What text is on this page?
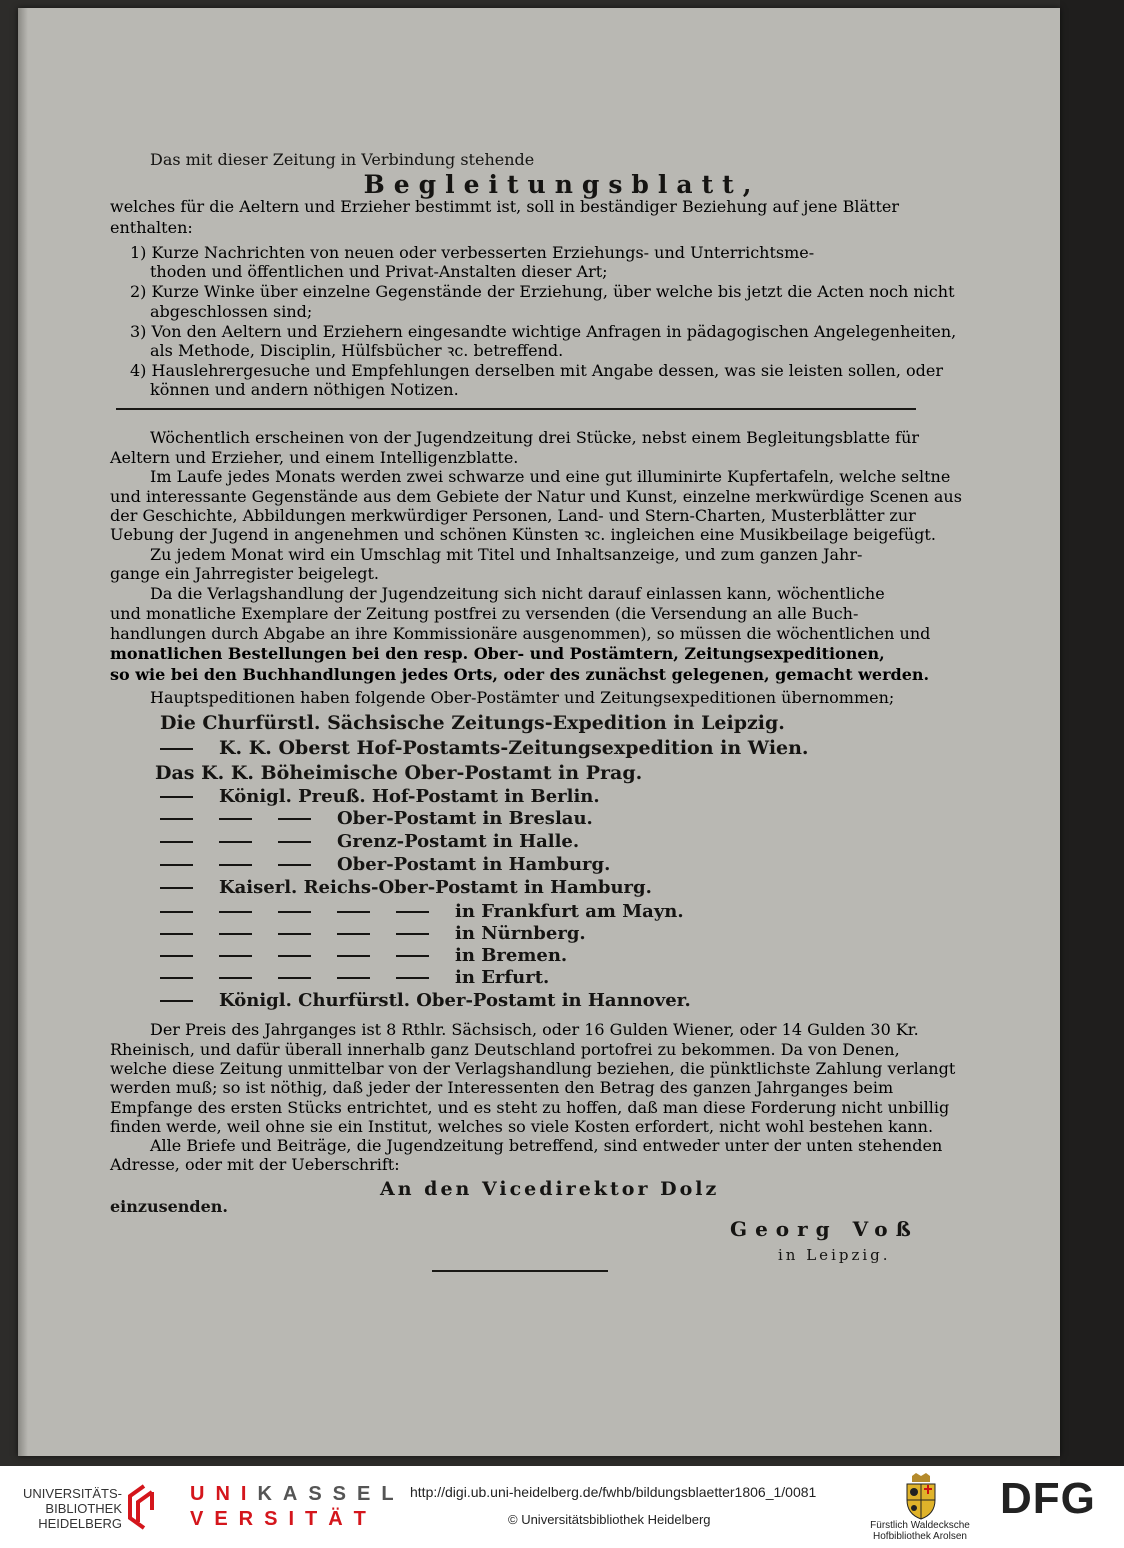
Das mit dieser Zeitung in Verbindung stehende
Begleitungsblatt,
welches für die Aeltern und Erzieher bestimmt ist, soll in beständiger Beziehung auf jene Blätter
enthalten:
1) Kurze Nachrichten von neuen oder verbesserten Erziehungs- und Unterrichtsme-
thoden und öffentlichen und Privat-Anstalten dieser Art;
2) Kurze Winke über einzelne Gegenstände der Erziehung, über welche bis jetzt die Acten noch nicht
abgeschlossen sind;
3) Von den Aeltern und Erziehern eingesandte wichtige Anfragen in pädagogischen Angelegenheiten,
als Methode, Disciplin, Hülfsbücher ꝛc. betreffend.
4) Hauslehrergesuche und Empfehlungen derselben mit Angabe dessen, was sie leisten sollen, oder
können und andern nöthigen Notizen.
Wöchentlich erscheinen von der Jugendzeitung drei Stücke, nebst einem Begleitungsblatte für
Aeltern und Erzieher, und einem Intelligenzblatte.
Im Laufe jedes Monats werden zwei schwarze und eine gut illuminirte Kupfertafeln, welche seltne
und interessante Gegenstände aus dem Gebiete der Natur und Kunst, einzelne merkwürdige Scenen aus
der Geschichte, Abbildungen merkwürdiger Personen, Land- und Stern-Charten, Musterblätter zur
Uebung der Jugend in angenehmen und schönen Künsten ꝛc. ingleichen eine Musikbeilage beigefügt.
Zu jedem Monat wird ein Umschlag mit Titel und Inhaltsanzeige, und zum ganzen Jahr-
gange ein Jahrregister beigelegt.
Da die Verlagshandlung der Jugendzeitung sich nicht darauf einlassen kann, wöchentliche
und monatliche Exemplare der Zeitung postfrei zu versenden (die Versendung an alle Buch-
handlungen durch Abgabe an ihre Kommissionäre ausgenommen), so müssen die wöchentlichen und
monatlichen Bestellungen bei den resp. Ober- und Postämtern, Zeitungsexpeditionen,
so wie bei den Buchhandlungen jedes Orts, oder des zunächst gelegenen, gemacht werden.
Hauptspeditionen haben folgende Ober-Postämter und Zeitungsexpeditionen übernommen;
Die Churfürstl. Sächsische Zeitungs-Expedition in Leipzig.
K. K. Oberst Hof-Postamts-Zeitungsexpedition in Wien.
Das K. K. Böheimische Ober-Postamt in Prag.
Königl. Preuß. Hof-Postamt in Berlin.
Ober-Postamt in Breslau.
Grenz-Postamt in Halle.
Ober-Postamt in Hamburg.
Kaiserl. Reichs-Ober-Postamt in Hamburg.
in Frankfurt am Mayn.
in Nürnberg.
in Bremen.
in Erfurt.
Königl. Churfürstl. Ober-Postamt in Hannover.
Der Preis des Jahrganges ist 8 Rthlr. Sächsisch, oder 16 Gulden Wiener, oder 14 Gulden 30 Kr.
Rheinisch, und dafür überall innerhalb ganz Deutschland portofrei zu bekommen. Da von Denen,
welche diese Zeitung unmittelbar von der Verlagshandlung beziehen, die pünktlichste Zahlung verlangt
werden muß; so ist nöthig, daß jeder der Interessenten den Betrag des ganzen Jahrganges beim
Empfange des ersten Stücks entrichtet, und es steht zu hoffen, daß man diese Forderung nicht unbillig
finden werde, weil ohne sie ein Institut, welches so viele Kosten erfordert, nicht wohl bestehen kann.
Alle Briefe und Beiträge, die Jugendzeitung betreffend, sind entweder unter der unten stehenden
Adresse, oder mit der Ueberschrift:
An den Vicedirektor Dolz
einzusenden.
Georg Voß
in Leipzig.
UNIVERSITÄTS-
BIBLIOTHEK
HEIDELBERG
UNIKASSEL
VERSITÄT
http://digi.ub.uni-heidelberg.de/fwhb/bildungsblaetter1806_1/0081
© Universitätsbibliothek Heidelberg	Fürstlich Waldecksche
Hofbibliothek Arolsen
DFG
